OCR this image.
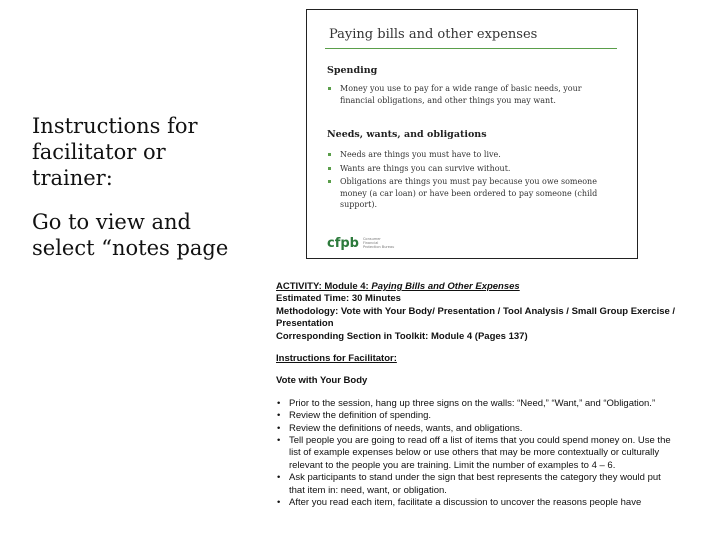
Instructions for facilitator or trainer:

Go to view and select “notes page

Paying bills and other expenses
Spending
Money you use to pay for a wide range of basic needs, your financial obligations, and other things you may want.
Needs, wants, and obligations
Needs are things you must have to live.
Wants are things you can survive without.
Obligations are things you must pay because you owe someone money (a car loan) or have been ordered to pay someone (child support).
cfpb Consumer Financial Protection Bureau
ACTIVITY: Module 4: Paying Bills and Other Expenses
Estimated Time: 30 Minutes
Methodology: Vote with Your Body/ Presentation / Tool Analysis / Small Group Exercise / Presentation
Corresponding Section in Toolkit: Module 4 (Pages 137)
Instructions for Facilitator:
Vote with Your Body
• Prior to the session, hang up three signs on the walls: “Need,” “Want,” and “Obligation.”
• Review the definition of spending.
• Review the definitions of needs, wants, and obligations.
• Tell people you are going to read off a list of items that you could spend money on. Use the list of example expenses below or use others that may be more contextually or culturally relevant to the people you are training. Limit the number of examples to 4 – 6.
• Ask participants to stand under the sign that best represents the category they would put that item in: need, want, or obligation.
• After you read each item, facilitate a discussion to uncover the reasons people have
